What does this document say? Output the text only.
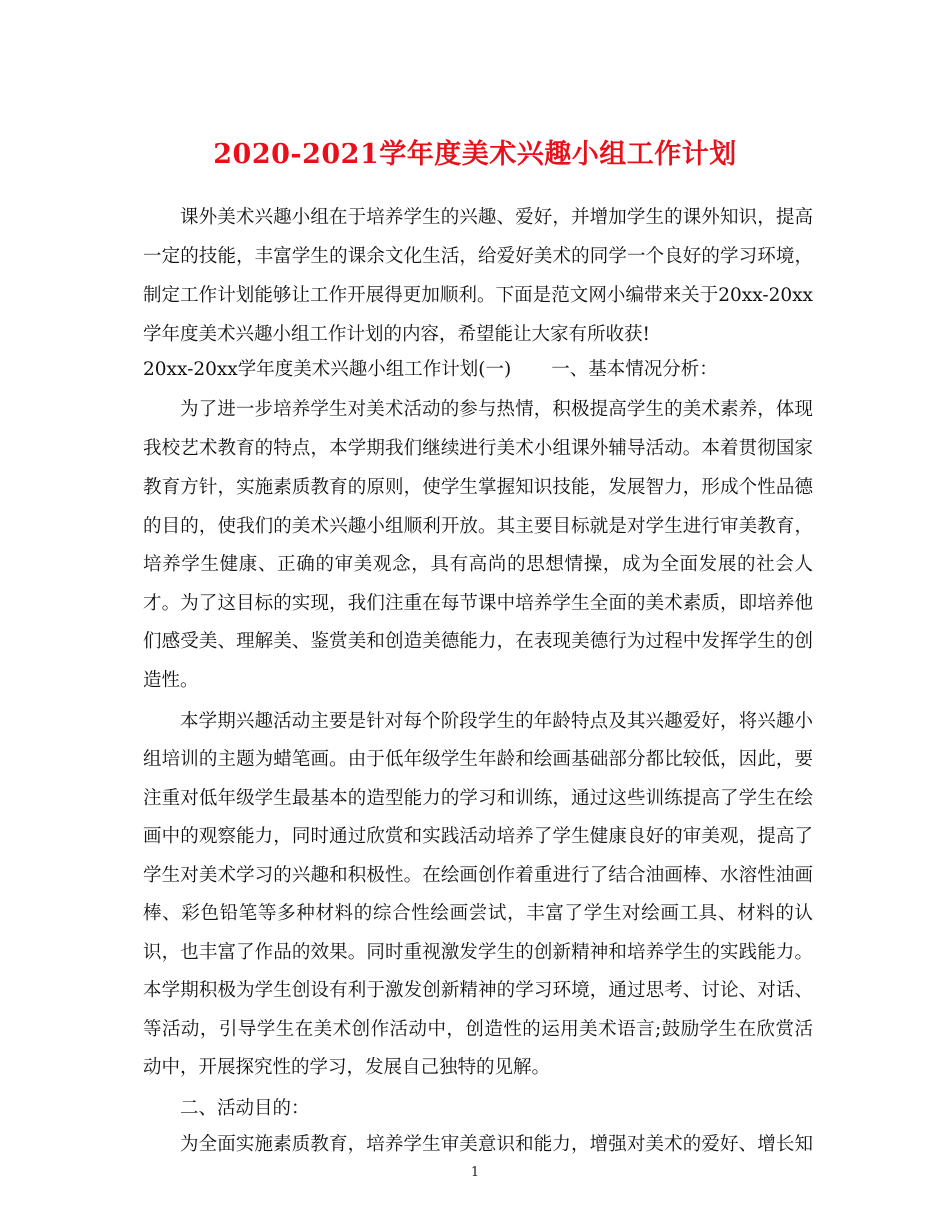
2020-2021学年度美术兴趣小组工作计划
课外美术兴趣小组在于培养学生的兴趣、爱好，并增加学生的课外知识，提高
一定的技能，丰富学生的课余文化生活，给爱好美术的同学一个良好的学习环境，
制定工作计划能够让工作开展得更加顺利。下面是范文网小编带来关于20xx-20xx
学年度美术兴趣小组工作计划的内容，希望能让大家有所收获!
20xx-20xx学年度美术兴趣小组工作计划(一) 一、基本情况分析：
为了进一步培养学生对美术活动的参与热情，积极提高学生的美术素养，体现
我校艺术教育的特点，本学期我们继续进行美术小组课外辅导活动。本着贯彻国家
教育方针，实施素质教育的原则，使学生掌握知识技能，发展智力，形成个性品德
的目的，使我们的美术兴趣小组顺利开放。其主要目标就是对学生进行审美教育，
培养学生健康、正确的审美观念，具有高尚的思想情操，成为全面发展的社会人
才。为了这目标的实现，我们注重在每节课中培养学生全面的美术素质，即培养他
们感受美、理解美、鉴赏美和创造美德能力，在表现美德行为过程中发挥学生的创
造性。
本学期兴趣活动主要是针对每个阶段学生的年龄特点及其兴趣爱好，将兴趣小
组培训的主题为蜡笔画。由于低年级学生年龄和绘画基础部分都比较低，因此，要
注重对低年级学生最基本的造型能力的学习和训练，通过这些训练提高了学生在绘
画中的观察能力，同时通过欣赏和实践活动培养了学生健康良好的审美观，提高了
学生对美术学习的兴趣和积极性。在绘画创作着重进行了结合油画棒、水溶性油画
棒、彩色铅笔等多种材料的综合性绘画尝试，丰富了学生对绘画工具、材料的认
识，也丰富了作品的效果。同时重视激发学生的创新精神和培养学生的实践能力。
本学期积极为学生创设有利于激发创新精神的学习环境，通过思考、讨论、对话、
等活动，引导学生在美术创作活动中，创造性的运用美术语言;鼓励学生在欣赏活
动中，开展探究性的学习，发展自己独特的见解。
二、活动目的：
1
为全面实施素质教育，培养学生审美意识和能力，增强对美术的爱好、增长知
